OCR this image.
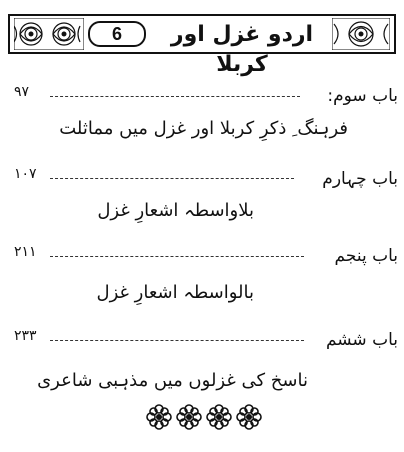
6	اردو غزل اور کربلا
۹۷	باب سوم:
فرہنگ ِ ذکرِ کربلا اور غزل میں مماثلت
۱۰۷	باب چہارم
بلاواسطہ اشعارِ غزل
۲۱۱	باب پنجم
بالواسطہ اشعارِ غزل
۲۳۳	باب ششم
ناسخ کی غزلوں میں مذہبی شاعری
